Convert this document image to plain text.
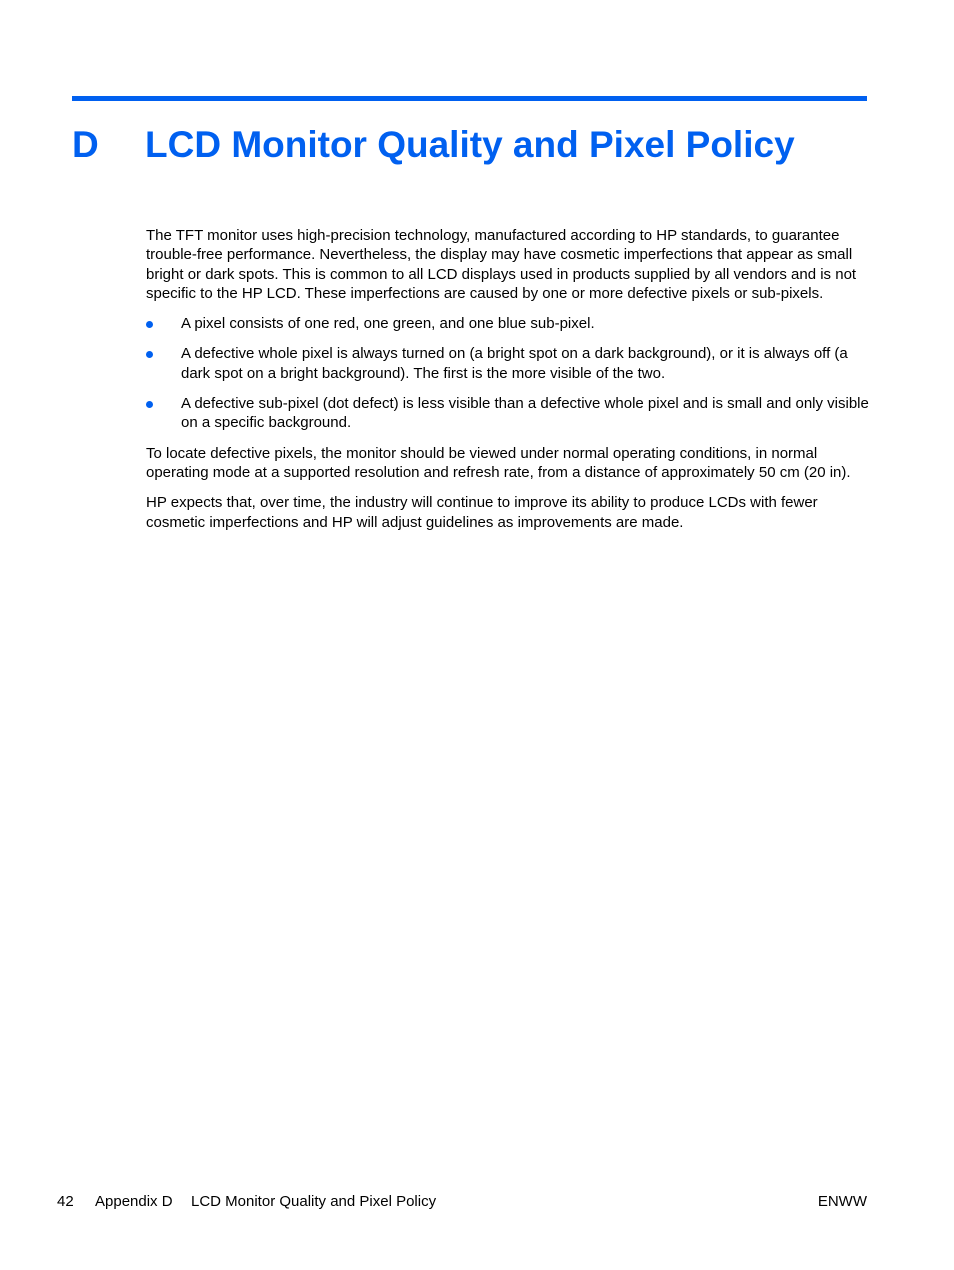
D LCD Monitor Quality and Pixel Policy

The TFT monitor uses high-precision technology, manufactured according to HP standards, to guarantee trouble-free performance. Nevertheless, the display may have cosmetic imperfections that appear as small bright or dark spots. This is common to all LCD displays used in products supplied by all vendors and is not specific to the HP LCD. These imperfections are caused by one or more defective pixels or sub-pixels.

A pixel consists of one red, one green, and one blue sub-pixel.
A defective whole pixel is always turned on (a bright spot on a dark background), or it is always off (a dark spot on a bright background). The first is the more visible of the two.
A defective sub-pixel (dot defect) is less visible than a defective whole pixel and is small and only visible on a specific background.

To locate defective pixels, the monitor should be viewed under normal operating conditions, in normal operating mode at a supported resolution and refresh rate, from a distance of approximately 50 cm (20 in).

HP expects that, over time, the industry will continue to improve its ability to produce LCDs with fewer cosmetic imperfections and HP will adjust guidelines as improvements are made.

42 Appendix D LCD Monitor Quality and Pixel Policy	ENWW
